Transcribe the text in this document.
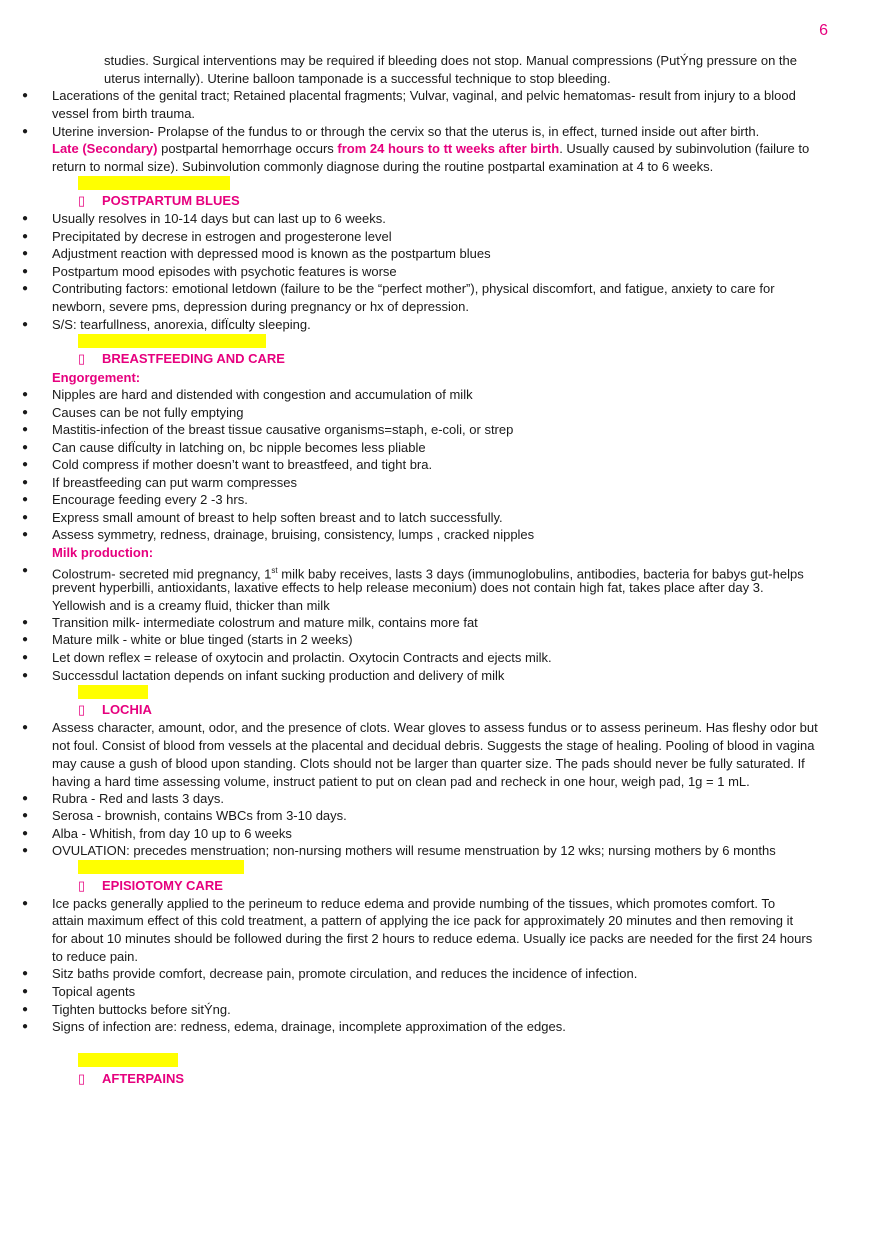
6
studies. Surgical interventions may be required if bleeding does not stop. Manual compressions (PutÝng pressure on the
uterus internally). Uterine balloon tamponade is a successful technique to stop bleeding.
● Lacerations of the genital tract; Retained placental fragments; Vulvar, vaginal, and pelvic hematomas- result from injury to a blood
vessel from birth trauma.
● Uterine inversion- Prolapse of the fundus to or through the cervix so that the uterus is, in effect, turned inside out after birth.
Late (Secondary) postpartal hemorrhage occurs from 24 hours to tt weeks after birth. Usually caused by subinvolution (failure to
return to normal size). Subinvolution commonly diagnose during the routine postpartal examination at 4 to 6 weeks.
▯ POSTPARTUM BLUES
● Usually resolves in 10-14 days but can last up to 6 weeks.
● Precipitated by decrese in estrogen and progesterone level
● Adjustment reaction with depressed mood is known as the postpartum blues
● Postpartum mood episodes with psychotic features is worse
● Contributing factors: emotional letdown (failure to be the “perfect mother”), physical discomfort, and fatigue, anxiety to care for
newborn, severe pms, depression during pregnancy or hx of depression.
● S/S: tearfullness, anorexia, difÏculty sleeping.
▯ BREASTFEEDING AND CARE
Engorgement:
● Nipples are hard and distended with congestion and accumulation of milk
● Causes can be not fully emptying
● Mastitis-infection of the breast tissue causative organisms=staph, e-coli, or strep
● Can cause difÏculty in latching on, bc nipple becomes less pliable
● Cold compress if mother doesn’t want to breastfeed, and tight bra.
● If breastfeeding can put warm compresses
● Encourage feeding every 2 -3 hrs.
● Express small amount of breast to help soften breast and to latch successfully.
● Assess symmetry, redness, drainage, bruising, consistency, lumps , cracked nipples
Milk production:
● Colostrum- secreted mid pregnancy, 1st milk baby receives, lasts 3 days (immunoglobulins, antibodies, bacteria for babys gut-helps
prevent hyperbilli, antioxidants, laxative effects to help release meconium) does not contain high fat, takes place after day 3.
Yellowish and is a creamy fluid, thicker than milk
● Transition milk- intermediate colostrum and mature milk, contains more fat
● Mature milk - white or blue tinged (starts in 2 weeks)
● Let down reflex = release of oxytocin and prolactin. Oxytocin Contracts and ejects milk.
● Successdul lactation depends on infant sucking production and delivery of milk
▯ LOCHIA
● Assess character, amount, odor, and the presence of clots. Wear gloves to assess fundus or to assess perineum. Has fleshy odor but
not foul. Consist of blood from vessels at the placental and decidual debris. Suggests the stage of healing. Pooling of blood in vagina
may cause a gush of blood upon standing. Clots should not be larger than quarter size. The pads should never be fully saturated. If
having a hard time assessing volume, instruct patient to put on clean pad and recheck in one hour, weigh pad, 1g = 1 mL.
● Rubra - Red and lasts 3 days.
● Serosa - brownish, contains WBCs from 3-10 days.
● Alba - Whitish, from day 10 up to 6 weeks
● OVULATION: precedes menstruation; non-nursing mothers will resume menstruation by 12 wks; nursing mothers by 6 months
▯ EPISIOTOMY CARE
● Ice packs generally applied to the perineum to reduce edema and provide numbing of the tissues, which promotes comfort. To
attain maximum effect of this cold treatment, a pattern of applying the ice pack for approximately 20 minutes and then removing it
for about 10 minutes should be followed during the first 2 hours to reduce edema. Usually ice packs are needed for the first 24 hours
to reduce pain.
● Sitz baths provide comfort, decrease pain, promote circulation, and reduces the incidence of infection.
● Topical agents
● Tighten buttocks before sitÝng.
● Signs of infection are: redness, edema, drainage, incomplete approximation of the edges.
▯ AFTERPAINS
